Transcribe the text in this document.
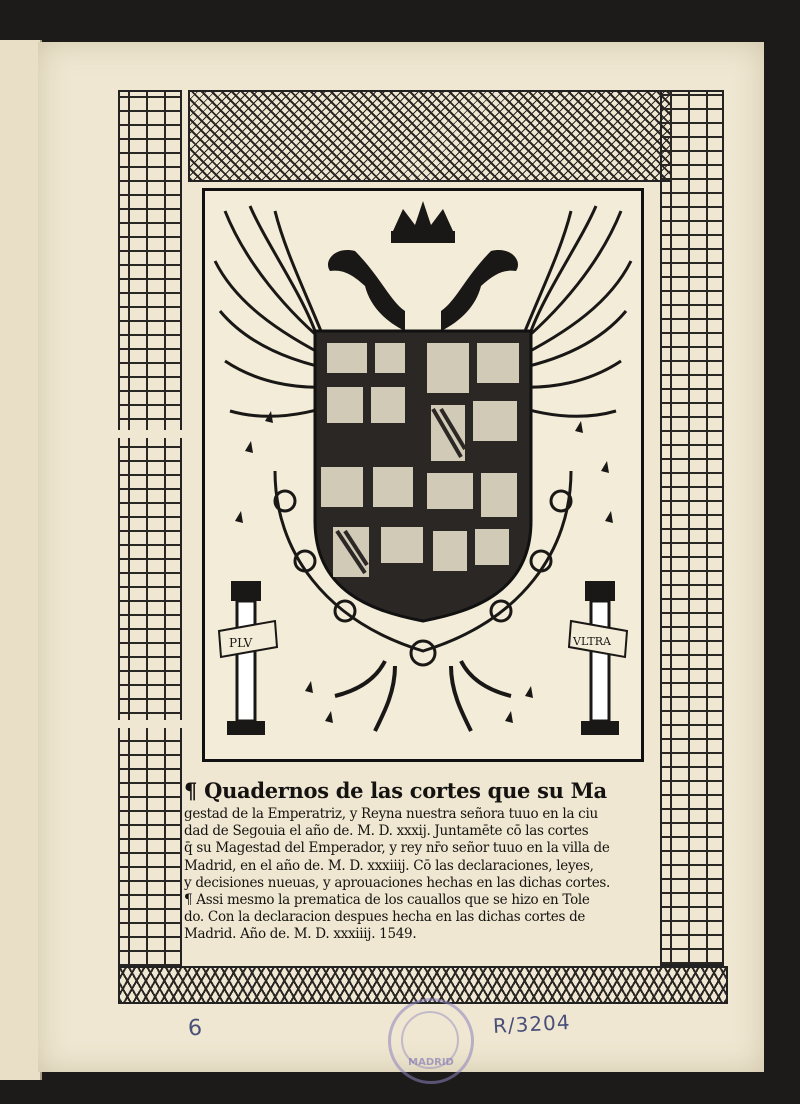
PLV	VLTRA
¶ Quadernos de las cortes que su Ma
gestad de la Emperatriz, y Reyna nuestra señora tuuo en la ciu
dad de Segouia el año de. M. D. xxxij. Juntamēte cō las cortes
q̄ su Magestad del Emperador, y rey nr̄o señor tuuo en la villa de
Madrid, en el año de. M. D. xxxiiij. Cō las declaraciones, leyes,
y decisiones nueuas, y aprouaciones hechas en las dichas cortes.
¶ Assi mesmo la prematica de los cauallos que se hizo en Tole
do. Con la declaracion despues hecha en las dichas cortes de
Madrid. Año de. M. D. xxxiiij. 1549.
6	R/3204
MADRID
